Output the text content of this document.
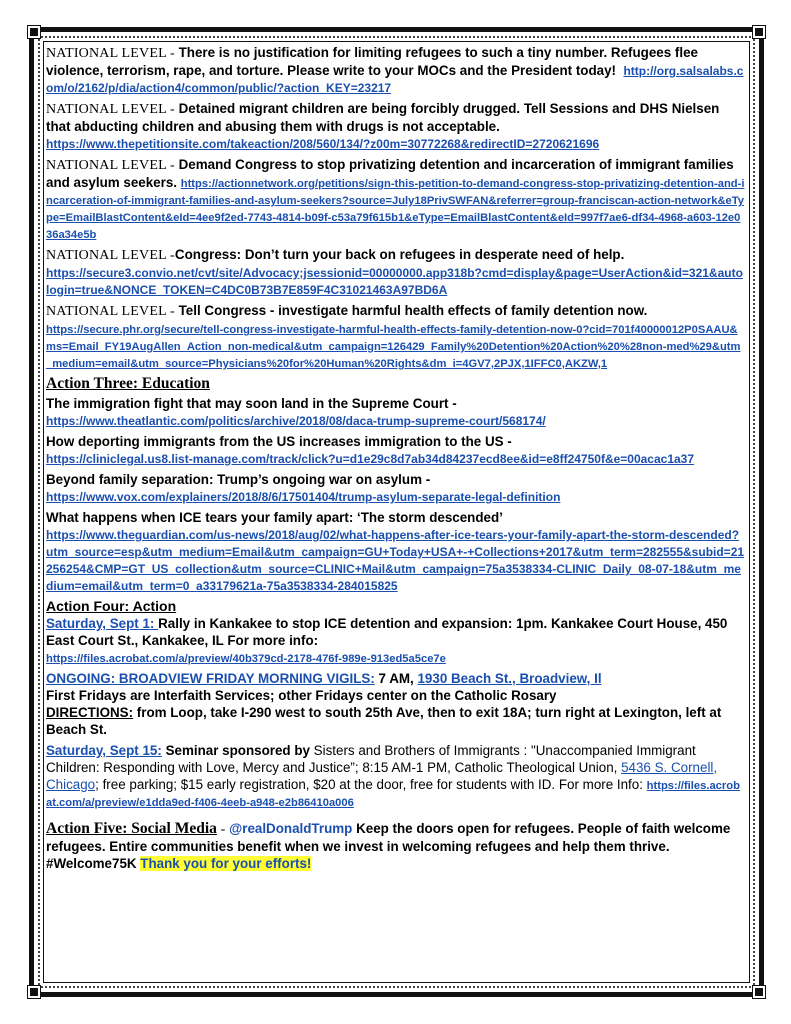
NATIONAL LEVEL - There is no justification for limiting refugees to such a tiny number. Refugees flee violence, terrorism, rape, and torture. Please write to your MOCs and the President today! http://org.salsalabs.com/o/2162/p/dia/action4/common/public/?action_KEY=23217

NATIONAL LEVEL - Detained migrant children are being forcibly drugged. Tell Sessions and DHS Nielsen that abducting children and abusing them with drugs is not acceptable.

https://www.thepetitionsite.com/takeaction/208/560/134/?z00m=30772268&redirectID=2720621696

NATIONAL LEVEL - Demand Congress to stop privatizing detention and incarceration of immigrant families and asylum seekers. https://actionnetwork.org/petitions/sign-this-petition-to-demand-congress-stop-privatizing-detention-and-incarceration-of-immigrant-families-and-asylum-seekers?source=July18PrivSWFAN&referrer=group-franciscan-action-network&eType=EmailBlastContent&eId=4ee9f2ed-7743-4814-b09f-c53a79f615b1&eType=EmailBlastContent&eId=997f7ae6-df34-4968-a603-12e036a34e5b

NATIONAL LEVEL -Congress: Don’t turn your back on refugees in desperate need of help.

https://secure3.convio.net/cvt/site/Advocacy;jsessionid=00000000.app318b?cmd=display&page=UserAction&id=321&autologin=true&NONCE_TOKEN=C4DC0B73B7E859F4C31021463A97BD6A

NATIONAL LEVEL - Tell Congress - investigate harmful health effects of family detention now.

https://secure.phr.org/secure/tell-congress-investigate-harmful-health-effects-family-detention-now-0?cid=701f40000012P0SAAU&ms=Email_FY19AugAllen_Action_non-medical&utm_campaign=126429_Family%20Detention%20Action%20%28non-med%29&utm_medium=email&utm_source=Physicians%20for%20Human%20Rights&dm_i=4GV7,2PJX,1IFFC0,AKZW,1

Action Three: Education

The immigration fight that may soon land in the Supreme Court -

https://www.theatlantic.com/politics/archive/2018/08/daca-trump-supreme-court/568174/

How deporting immigrants from the US increases immigration to the US -

https://cliniclegal.us8.list-manage.com/track/click?u=d1e29c8d7ab34d84237ecd8ee&id=e8ff24750f&e=00acac1a37

Beyond family separation: Trump’s ongoing war on asylum -

https://www.vox.com/explainers/2018/8/6/17501404/trump-asylum-separate-legal-definition

What happens when ICE tears your family apart: ‘The storm descended’

https://www.theguardian.com/us-news/2018/aug/02/what-happens-after-ice-tears-your-family-apart-the-storm-descended?utm_source=esp&utm_medium=Email&utm_campaign=GU+Today+USA+-+Collections+2017&utm_term=282555&subid=21256254&CMP=GT_US_collection&utm_source=CLINIC+Mail&utm_campaign=75a3538334-CLINIC_Daily_08-07-18&utm_medium=email&utm_term=0_a33179621a-75a3538334-284015825

Action Four: Action

Saturday, Sept 1: Rally in Kankakee to stop ICE detention and expansion: 1pm. Kankakee Court House, 450 East Court St., Kankakee, IL For more info:

https://files.acrobat.com/a/preview/40b379cd-2178-476f-989e-913ed5a5ce7e

ONGOING: BROADVIEW FRIDAY MORNING VIGILS: 7 AM, 1930 Beach St., Broadview, Il

First Fridays are Interfaith Services; other Fridays center on the Catholic Rosary

DIRECTIONS: from Loop, take I-290 west to south 25th Ave, then to exit 18A; turn right at Lexington, left at Beach St.

Saturday, Sept 15: Seminar sponsored by Sisters and Brothers of Immigrants : "Unaccompanied Immigrant Children: Responding with Love, Mercy and Justice”; 8:15 AM-1 PM, Catholic Theological Union, 5436 S. Cornell, Chicago; free parking; $15 early registration, $20 at the door, free for students with ID. For more Info: https://files.acrobat.com/a/preview/e1dda9ed-f406-4eeb-a948-e2b86410a006

Action Five: Social Media - @realDonaldTrump Keep the doors open for refugees. People of faith welcome refugees. Entire communities benefit when we invest in welcoming refugees and help them thrive. #Welcome75K Thank you for your efforts!
